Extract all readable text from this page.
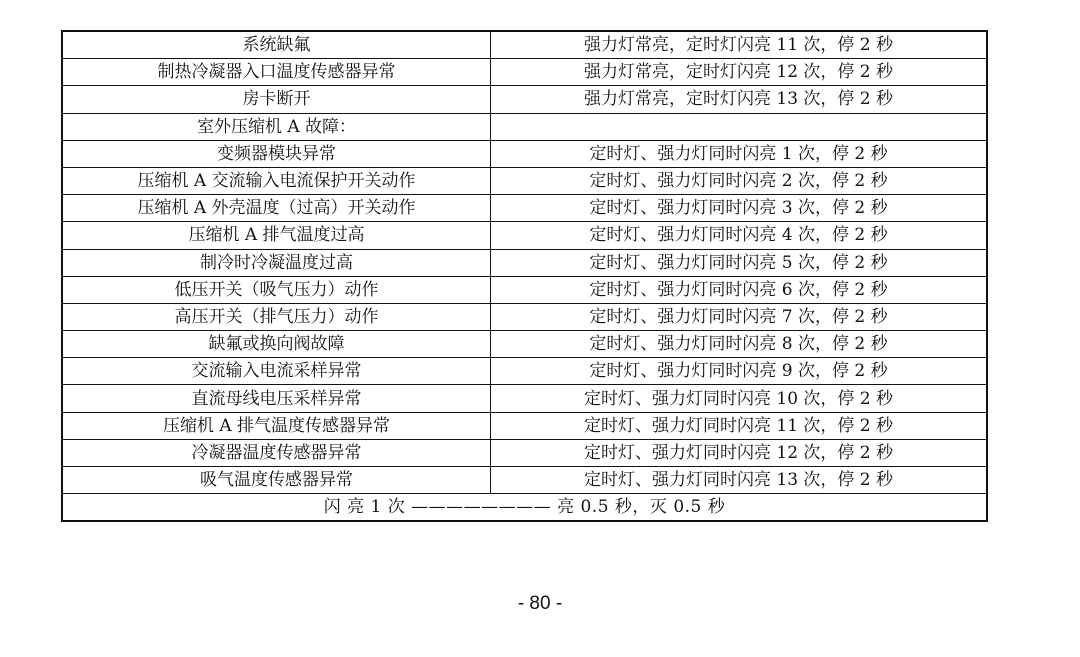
系统缺氟	强力灯常亮，定时灯闪亮 11 次，停 2 秒
制热冷凝器入口温度传感器异常	强力灯常亮，定时灯闪亮 12 次，停 2 秒
房卡断开	强力灯常亮，定时灯闪亮 13 次，停 2 秒
室外压缩机 A 故障：	
变频器模块异常	定时灯、强力灯同时闪亮 1 次，停 2 秒
压缩机 A 交流输入电流保护开关动作	定时灯、强力灯同时闪亮 2 次，停 2 秒
压缩机 A 外壳温度（过高）开关动作	定时灯、强力灯同时闪亮 3 次，停 2 秒
压缩机 A 排气温度过高	定时灯、强力灯同时闪亮 4 次，停 2 秒
制冷时冷凝温度过高	定时灯、强力灯同时闪亮 5 次，停 2 秒
低压开关（吸气压力）动作	定时灯、强力灯同时闪亮 6 次，停 2 秒
高压开关（排气压力）动作	定时灯、强力灯同时闪亮 7 次，停 2 秒
缺氟或换向阀故障	定时灯、强力灯同时闪亮 8 次，停 2 秒
交流输入电流采样异常	定时灯、强力灯同时闪亮 9 次，停 2 秒
直流母线电压采样异常	定时灯、强力灯同时闪亮 10 次，停 2 秒
压缩机 A 排气温度传感器异常	定时灯、强力灯同时闪亮 11 次，停 2 秒
冷凝器温度传感器异常	定时灯、强力灯同时闪亮 12 次，停 2 秒
吸气温度传感器异常	定时灯、强力灯同时闪亮 13 次，停 2 秒
闪 亮 1 次 ———————— 亮 0.5 秒，灭 0.5 秒	
- 80 -
